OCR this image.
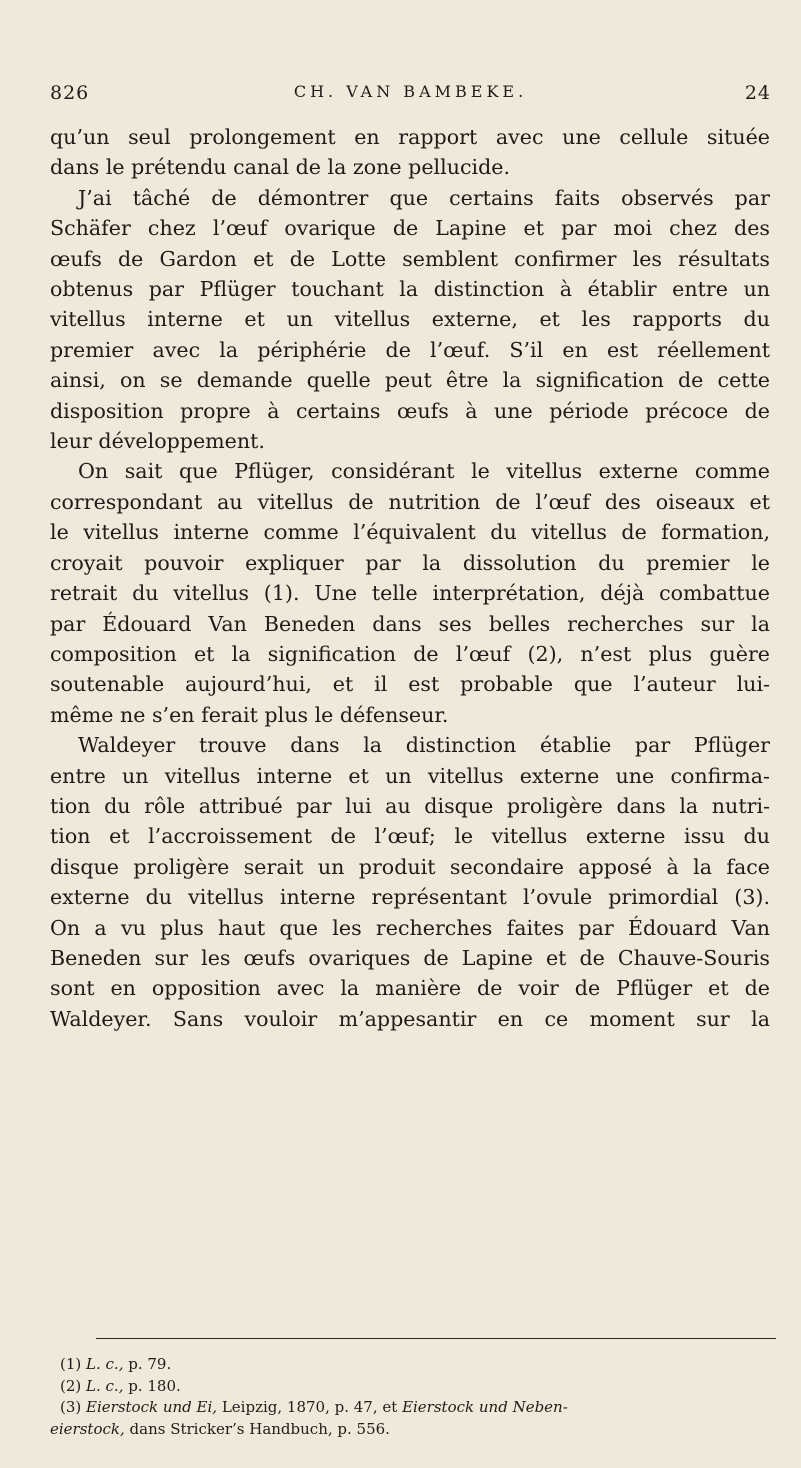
826	CH. VAN BAMBEKE.	24

qu’un seul prolongement en rapport avec une cellule située

dans le prétendu canal de la zone pellucide.

J’ai tâché de démontrer que certains faits observés par

Schäfer chez l’œuf ovarique de Lapine et par moi chez des

œufs de Gardon et de Lotte semblent confirmer les résultats

obtenus par Pflüger touchant la distinction à établir entre un

vitellus interne et un vitellus externe, et les rapports du

premier avec la périphérie de l’œuf. S’il en est réellement

ainsi, on se demande quelle peut être la signification de cette

disposition propre à certains œufs à une période précoce de

leur développement.

On sait que Pflüger, considérant le vitellus externe comme

correspondant au vitellus de nutrition de l’œuf des oiseaux et

le vitellus interne comme l’équivalent du vitellus de formation,

croyait pouvoir expliquer par la dissolution du premier le

retrait du vitellus (1). Une telle interprétation, déjà combattue

par Édouard Van Beneden dans ses belles recherches sur la

composition et la signification de l’œuf (2), n’est plus guère

soutenable aujourd’hui, et il est probable que l’auteur lui-

même ne s’en ferait plus le défenseur.

Waldeyer trouve dans la distinction établie par Pflüger

entre un vitellus interne et un vitellus externe une confirma-

tion du rôle attribué par lui au disque proligère dans la nutri-

tion et l’accroissement de l’œuf; le vitellus externe issu du

disque proligère serait un produit secondaire apposé à la face

externe du vitellus interne représentant l’ovule primordial (3).

On a vu plus haut que les recherches faites par Édouard Van

Beneden sur les œufs ovariques de Lapine et de Chauve-Souris

sont en opposition avec la manière de voir de Pflüger et de

Waldeyer. Sans vouloir m’appesantir en ce moment sur la

(1) L. c., p. 79.

(2) L. c., p. 180.

(3) Eierstock und Ei, Leipzig, 1870, p. 47, et Eierstock und Neben-

eierstock, dans Stricker’s Handbuch, p. 556.
